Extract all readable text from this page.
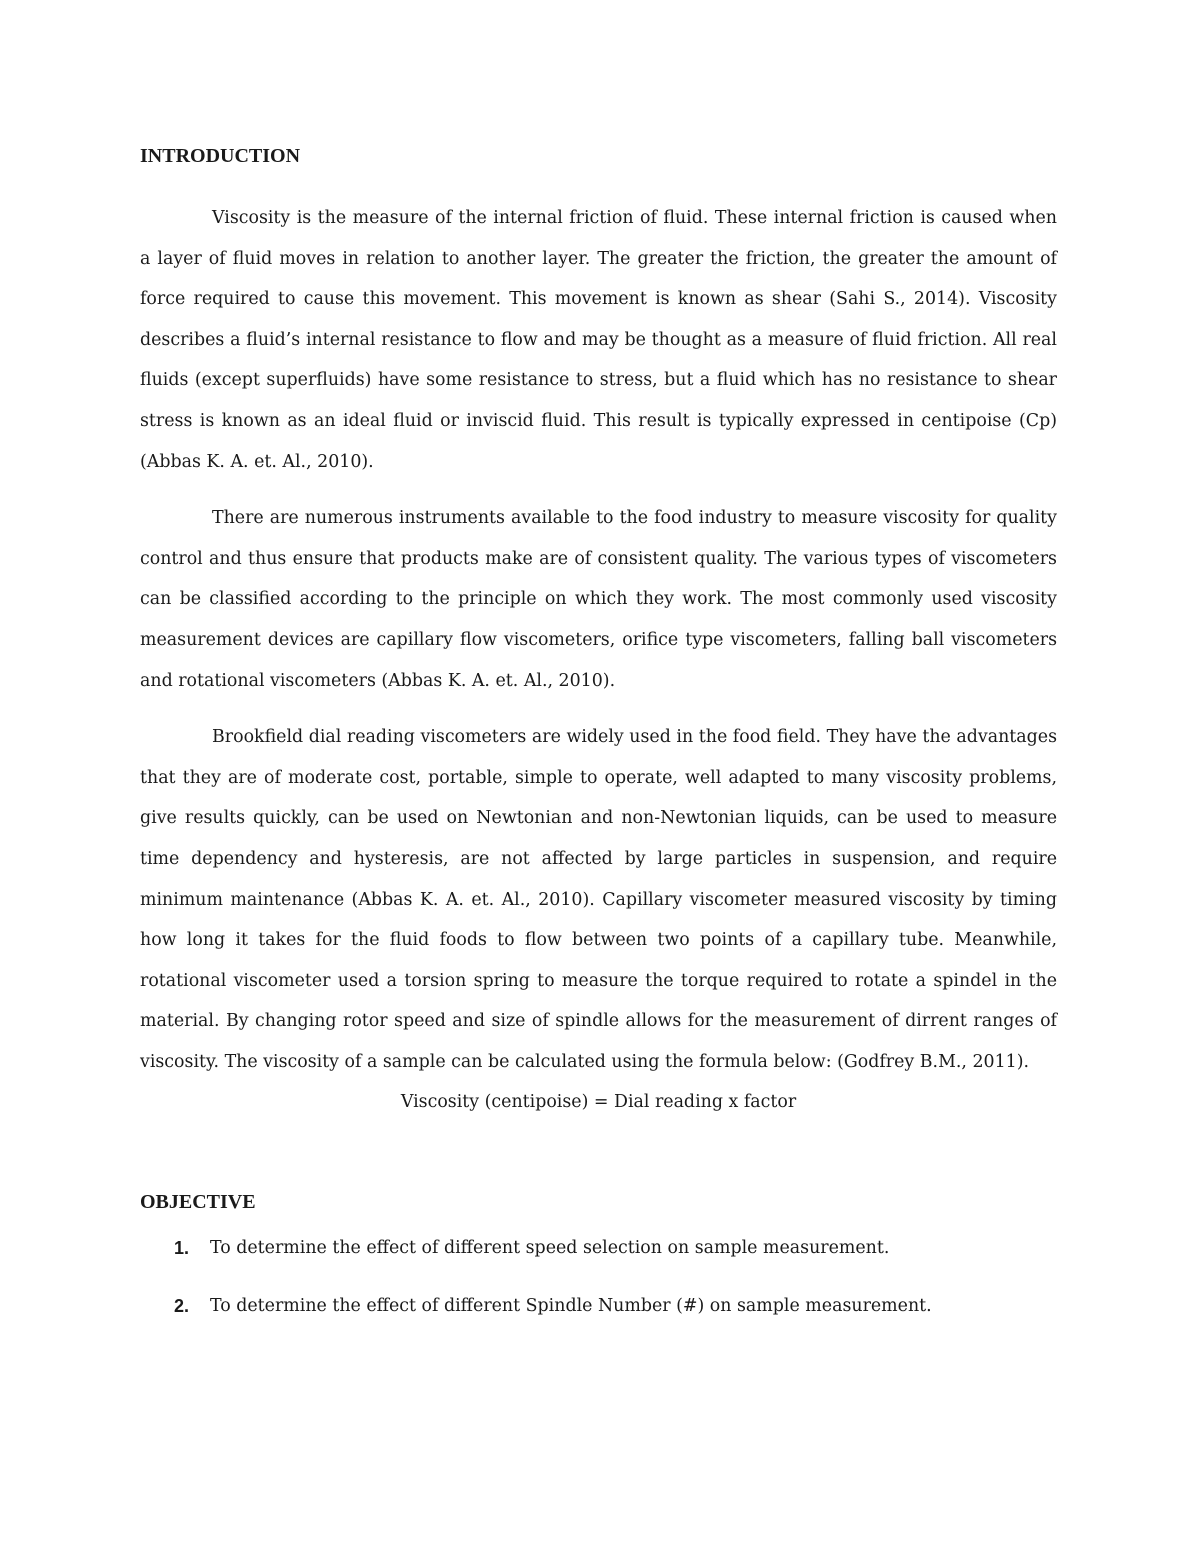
INTRODUCTION

Viscosity is the measure of the internal friction of fluid. These internal friction is caused when a layer of fluid moves in relation to another layer. The greater the friction, the greater the amount of force required to cause this movement. This movement is known as shear (Sahi S., 2014). Viscosity describes a fluid’s internal resistance to flow and may be thought as a measure of fluid friction. All real fluids (except superfluids) have some resistance to stress, but a fluid which has no resistance to shear stress is known as an ideal fluid or inviscid fluid. This result is typically expressed in centipoise (Cp) (Abbas K. A. et. Al., 2010).

There are numerous instruments available to the food industry to measure viscosity for quality control and thus ensure that products make are of consistent quality. The various types of viscometers can be classified according to the principle on which they work. The most commonly used viscosity measurement devices are capillary flow viscometers, orifice type viscometers, falling ball viscometers and rotational viscometers (Abbas K. A. et. Al., 2010).

Brookfield dial reading viscometers are widely used in the food field. They have the advantages that they are of moderate cost, portable, simple to operate, well adapted to many viscosity problems, give results quickly, can be used on Newtonian and non-Newtonian liquids, can be used to measure time dependency and hysteresis, are not affected by large particles in suspension, and require minimum maintenance (Abbas K. A. et. Al., 2010). Capillary viscometer measured viscosity by timing how long it takes for the fluid foods to flow between two points of a capillary tube. Meanwhile, rotational viscometer used a torsion spring to measure the torque required to rotate a spindel in the material. By changing rotor speed and size of spindle allows for the measurement of dirrent ranges of viscosity. The viscosity of a sample can be calculated using the formula below: (Godfrey B.M., 2011).

Viscosity (centipoise) = Dial reading x factor

OBJECTIVE
1.	To determine the effect of different speed selection on sample measurement.
2.	To determine the effect of different Spindle Number (#) on sample measurement.
